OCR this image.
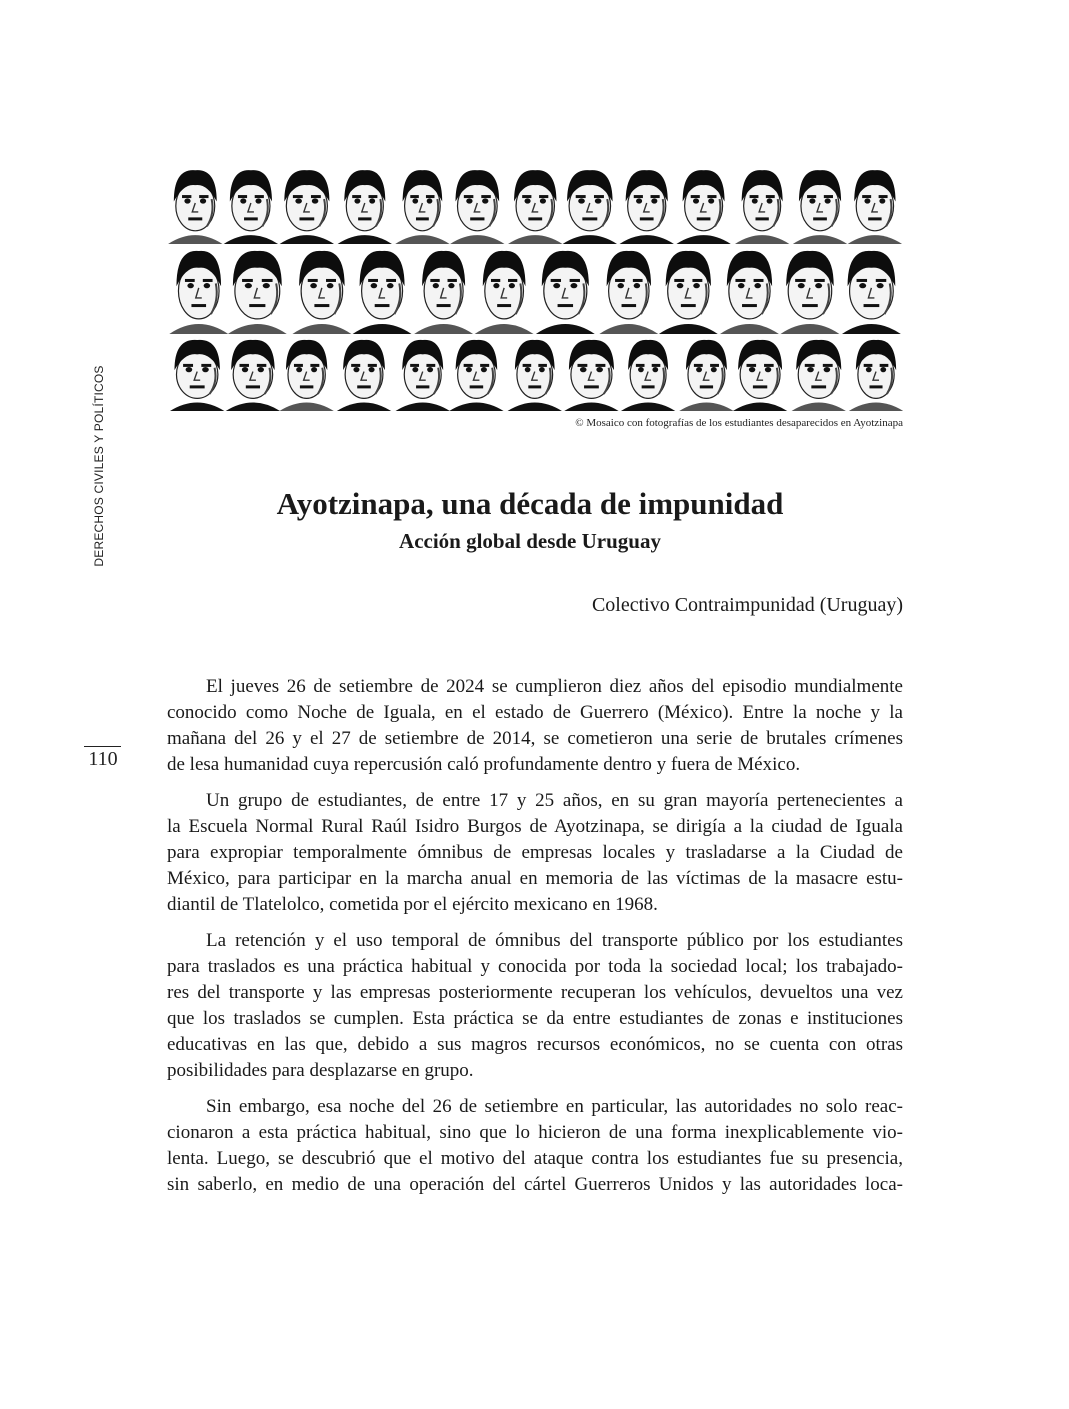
DERECHOS CIVILES Y POLÍTICOS
110
© Mosaico con fotografías de los estudiantes desaparecidos en Ayotzinapa
Ayotzinapa, una década de impunidad
Acción global desde Uruguay
Colectivo Contraimpunidad (Uruguay)

El jueves 26 de setiembre de 2024 se cumplieron diez años del episodio mundialmente
conocido como Noche de Iguala, en el estado de Guerrero (México). Entre la noche y la
mañana del 26 y el 27 de setiembre de 2014, se cometieron una serie de brutales crímenes
de lesa humanidad cuya repercusión caló profundamente dentro y fuera de México.

Un grupo de estudiantes, de entre 17 y 25 años, en su gran mayoría pertenecientes a
la Escuela Normal Rural Raúl Isidro Burgos de Ayotzinapa, se dirigía a la ciudad de Iguala
para expropiar temporalmente ómnibus de empresas locales y trasladarse a la Ciudad de
México, para participar en la marcha anual en memoria de las víctimas de la masacre estu-
diantil de Tlatelolco, cometida por el ejército mexicano en 1968.

La retención y el uso temporal de ómnibus del transporte público por los estudiantes
para traslados es una práctica habitual y conocida por toda la sociedad local; los trabajado-
res del transporte y las empresas posteriormente recuperan los vehículos, devueltos una vez
que los traslados se cumplen. Esta práctica se da entre estudiantes de zonas e instituciones
educativas en las que, debido a sus magros recursos económicos, no se cuenta con otras
posibilidades para desplazarse en grupo.

Sin embargo, esa noche del 26 de setiembre en particular, las autoridades no solo reac-
cionaron a esta práctica habitual, sino que lo hicieron de una forma inexplicablemente vio-
lenta. Luego, se descubrió que el motivo del ataque contra los estudiantes fue su presencia,
sin saberlo, en medio de una operación del cártel Guerreros Unidos y las autoridades loca-
